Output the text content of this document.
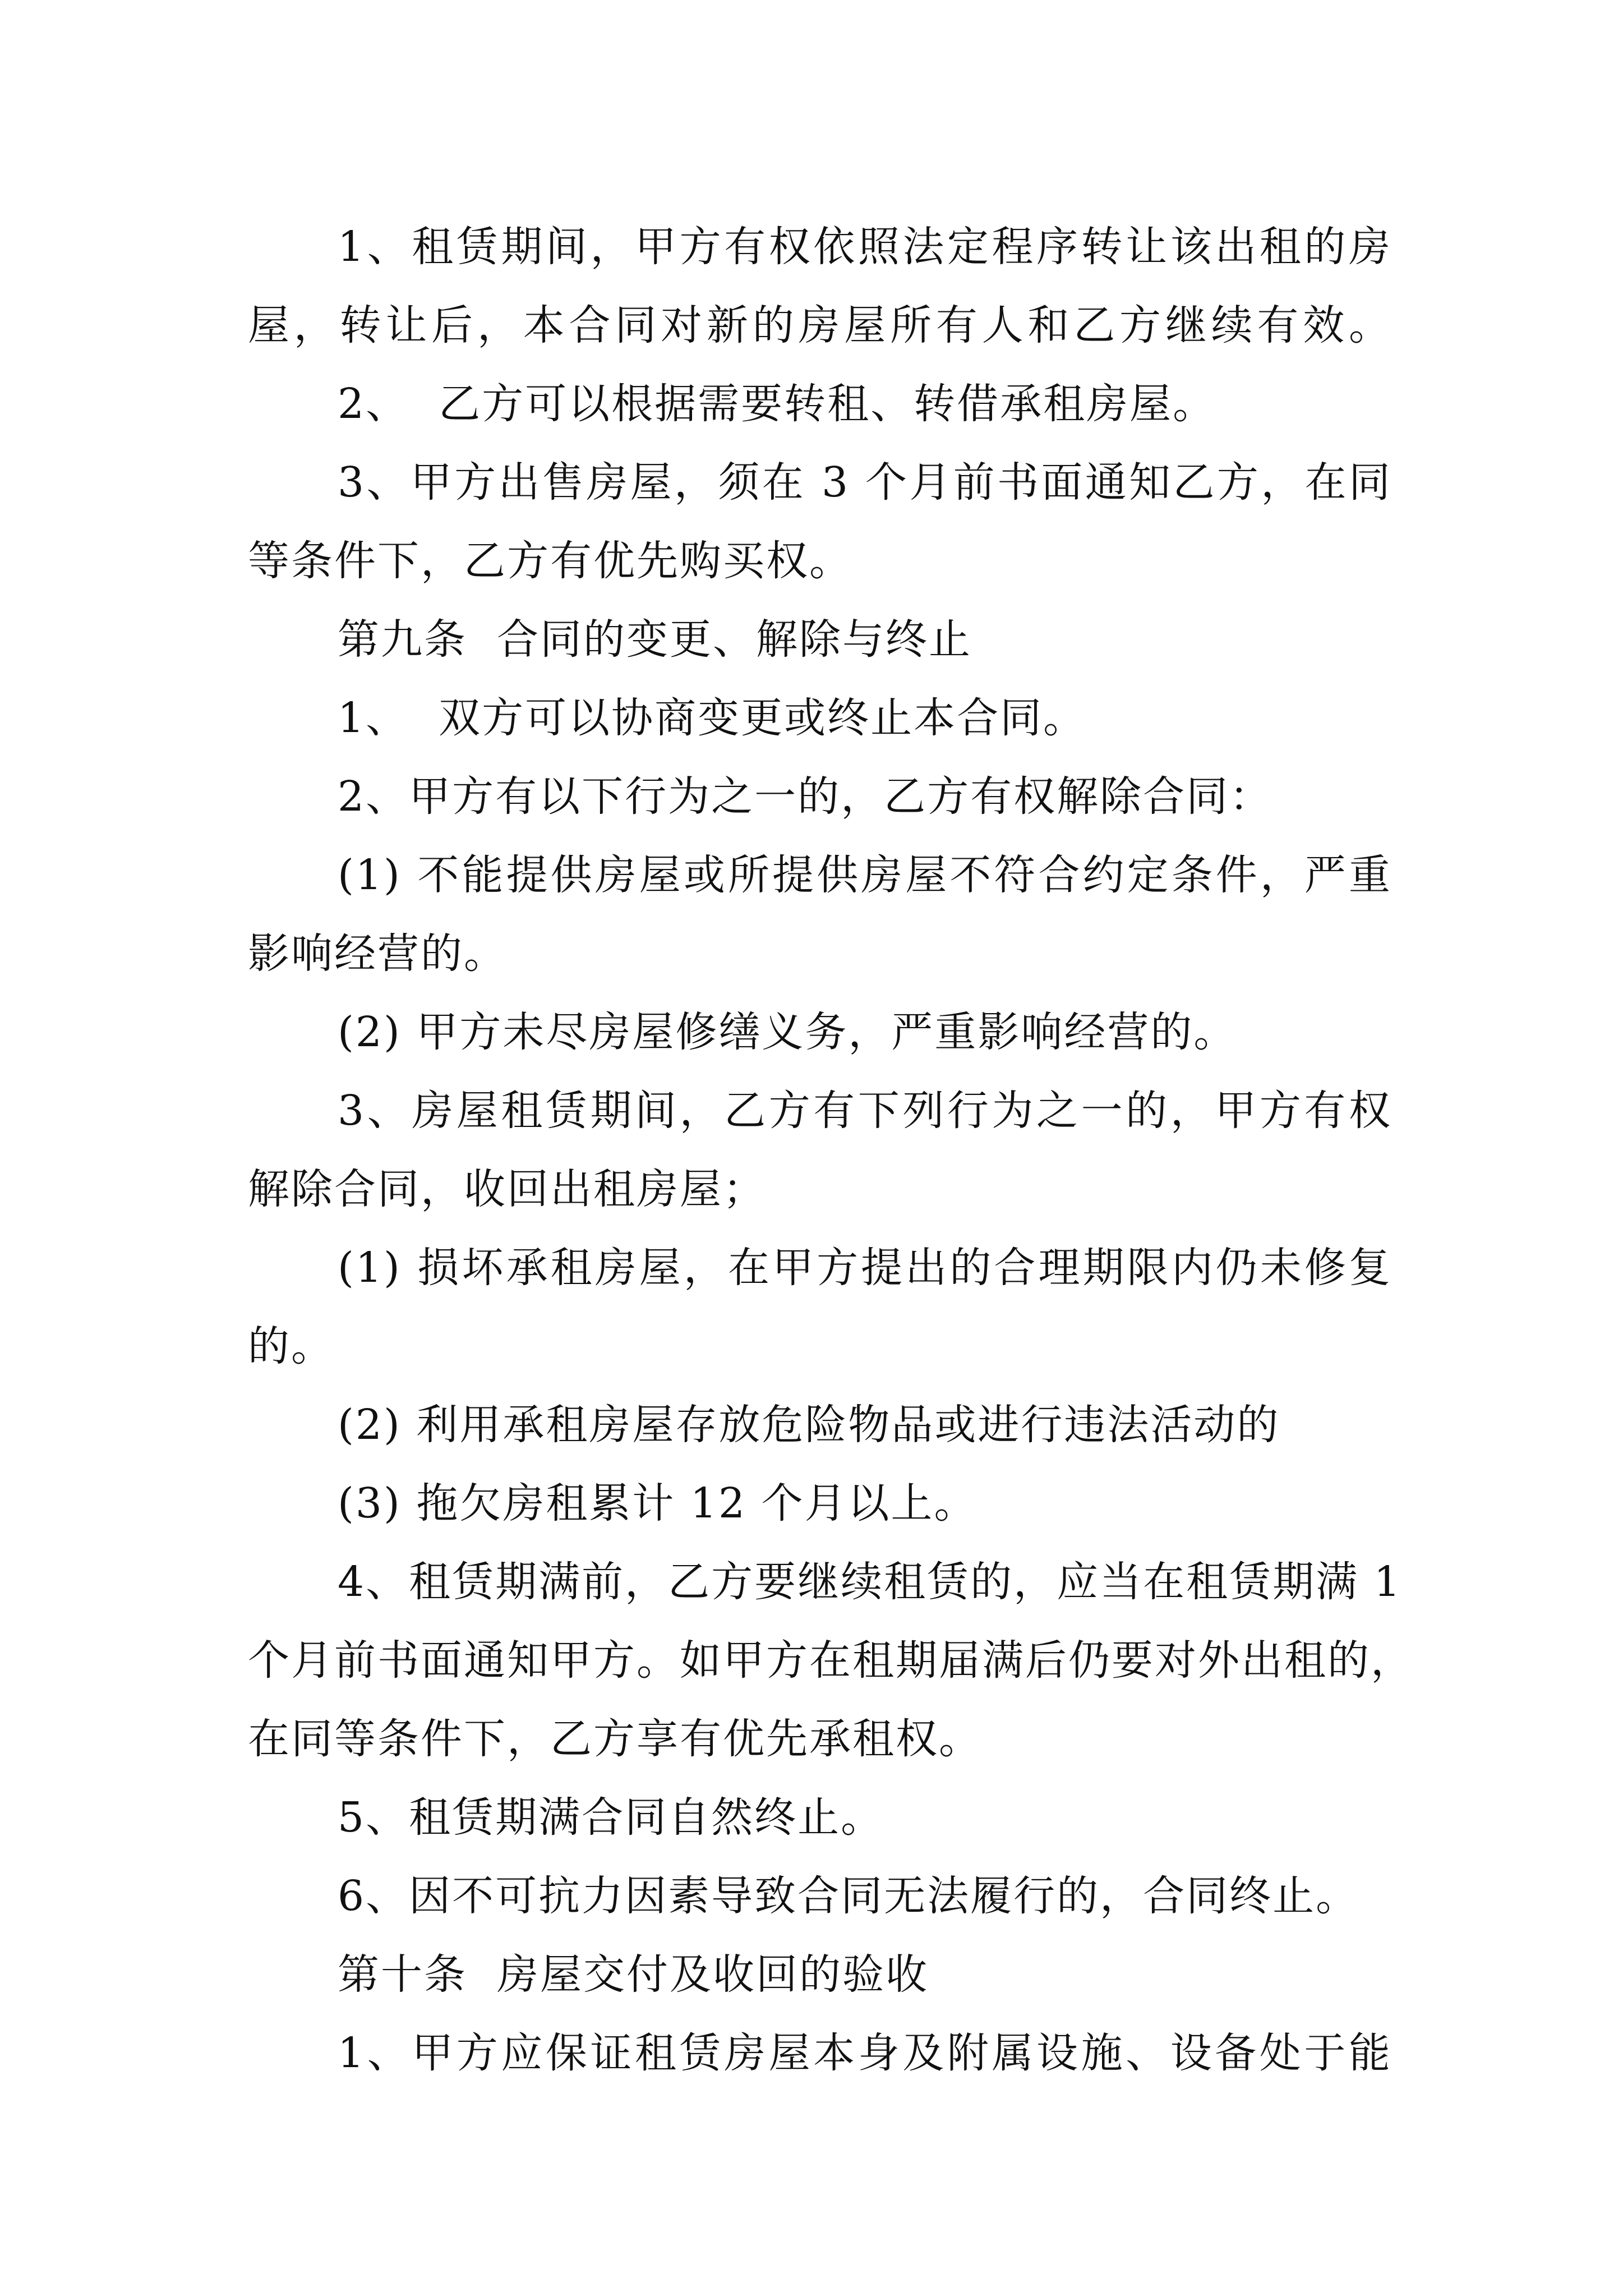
1、租赁期间，甲方有权依照法定程序转让该出租的房
屋，转让后，本合同对新的房屋所有人和乙方继续有效。
2、  乙方可以根据需要转租、转借承租房屋。
3、甲方出售房屋，须在 3 个月前书面通知乙方，在同
等条件下，乙方有优先购买权。
第九条  合同的变更、解除与终止
1、  双方可以协商变更或终止本合同。
2、甲方有以下行为之一的，乙方有权解除合同：
(1) 不能提供房屋或所提供房屋不符合约定条件，严重
影响经营的。
(2) 甲方未尽房屋修缮义务，严重影响经营的。
3、房屋租赁期间，乙方有下列行为之一的，甲方有权
解除合同，收回出租房屋；
(1) 损坏承租房屋，在甲方提出的合理期限内仍未修复
的。
(2) 利用承租房屋存放危险物品或进行违法活动的
(3) 拖欠房租累计 12 个月以上。
4、租赁期满前，乙方要继续租赁的，应当在租赁期满 1
个月前书面通知甲方。如甲方在租期届满后仍要对外出租的，
在同等条件下，乙方享有优先承租权。
5、租赁期满合同自然终止。
6、因不可抗力因素导致合同无法履行的，合同终止。
第十条  房屋交付及收回的验收
1、甲方应保证租赁房屋本身及附属设施、设备处于能
